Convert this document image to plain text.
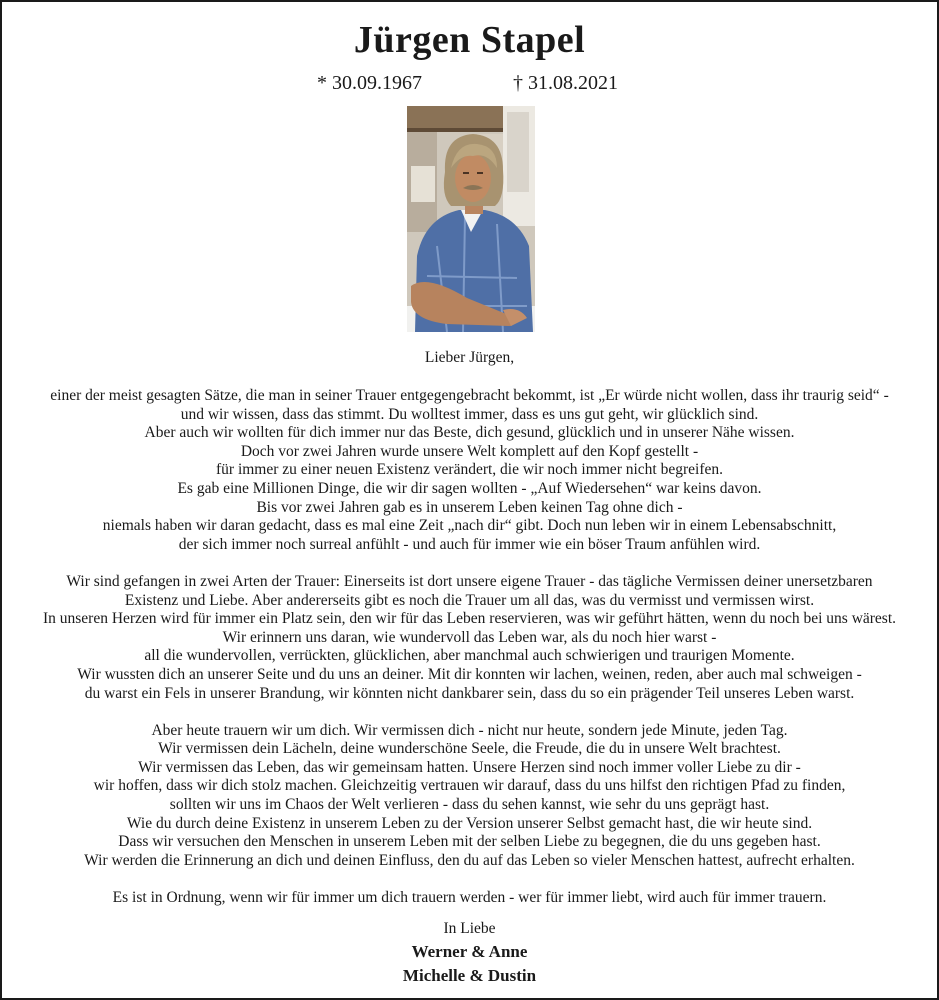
Jürgen Stapel
* 30.09.1967	† 31.08.2021
Lieber Jürgen,
einer der meist gesagten Sätze, die man in seiner Trauer entgegengebracht bekommt, ist „Er würde nicht wollen, dass ihr traurig seid“ -
und wir wissen, dass das stimmt. Du wolltest immer, dass es uns gut geht, wir glücklich sind.
Aber auch wir wollten für dich immer nur das Beste, dich gesund, glücklich und in unserer Nähe wissen.
Doch vor zwei Jahren wurde unsere Welt komplett auf den Kopf gestellt -
für immer zu einer neuen Existenz verändert, die wir noch immer nicht begreifen.
Es gab eine Millionen Dinge, die wir dir sagen wollten - „Auf Wiedersehen“ war keins davon.
Bis vor zwei Jahren gab es in unserem Leben keinen Tag ohne dich -
niemals haben wir daran gedacht, dass es mal eine Zeit „nach dir“ gibt. Doch nun leben wir in einem Lebensabschnitt,
der sich immer noch surreal anfühlt - und auch für immer wie ein böser Traum anfühlen wird.
Wir sind gefangen in zwei Arten der Trauer: Einerseits ist dort unsere eigene Trauer - das tägliche Vermissen deiner unersetzbaren
Existenz und Liebe. Aber andererseits gibt es noch die Trauer um all das, was du vermisst und vermissen wirst.
In unseren Herzen wird für immer ein Platz sein, den wir für das Leben reservieren, was wir geführt hätten, wenn du noch bei uns wärest.
Wir erinnern uns daran, wie wundervoll das Leben war, als du noch hier warst -
all die wundervollen, verrückten, glücklichen, aber manchmal auch schwierigen und traurigen Momente.
Wir wussten dich an unserer Seite und du uns an deiner. Mit dir konnten wir lachen, weinen, reden, aber auch mal schweigen -
du warst ein Fels in unserer Brandung, wir könnten nicht dankbarer sein, dass du so ein prägender Teil unseres Leben warst.
Aber heute trauern wir um dich. Wir vermissen dich - nicht nur heute, sondern jede Minute, jeden Tag.
Wir vermissen dein Lächeln, deine wunderschöne Seele, die Freude, die du in unsere Welt brachtest.
Wir vermissen das Leben, das wir gemeinsam hatten. Unsere Herzen sind noch immer voller Liebe zu dir -
wir hoffen, dass wir dich stolz machen. Gleichzeitig vertrauen wir darauf, dass du uns hilfst den richtigen Pfad zu finden,
sollten wir uns im Chaos der Welt verlieren - dass du sehen kannst, wie sehr du uns geprägt hast.
Wie du durch deine Existenz in unserem Leben zu der Version unserer Selbst gemacht hast, die wir heute sind.
Dass wir versuchen den Menschen in unserem Leben mit der selben Liebe zu begegnen, die du uns gegeben hast.
Wir werden die Erinnerung an dich und deinen Einfluss, den du auf das Leben so vieler Menschen hattest, aufrecht erhalten.
Es ist in Ordnung, wenn wir für immer um dich trauern werden - wer für immer liebt, wird auch für immer trauern.
In Liebe
Werner & Anne
Michelle & Dustin
